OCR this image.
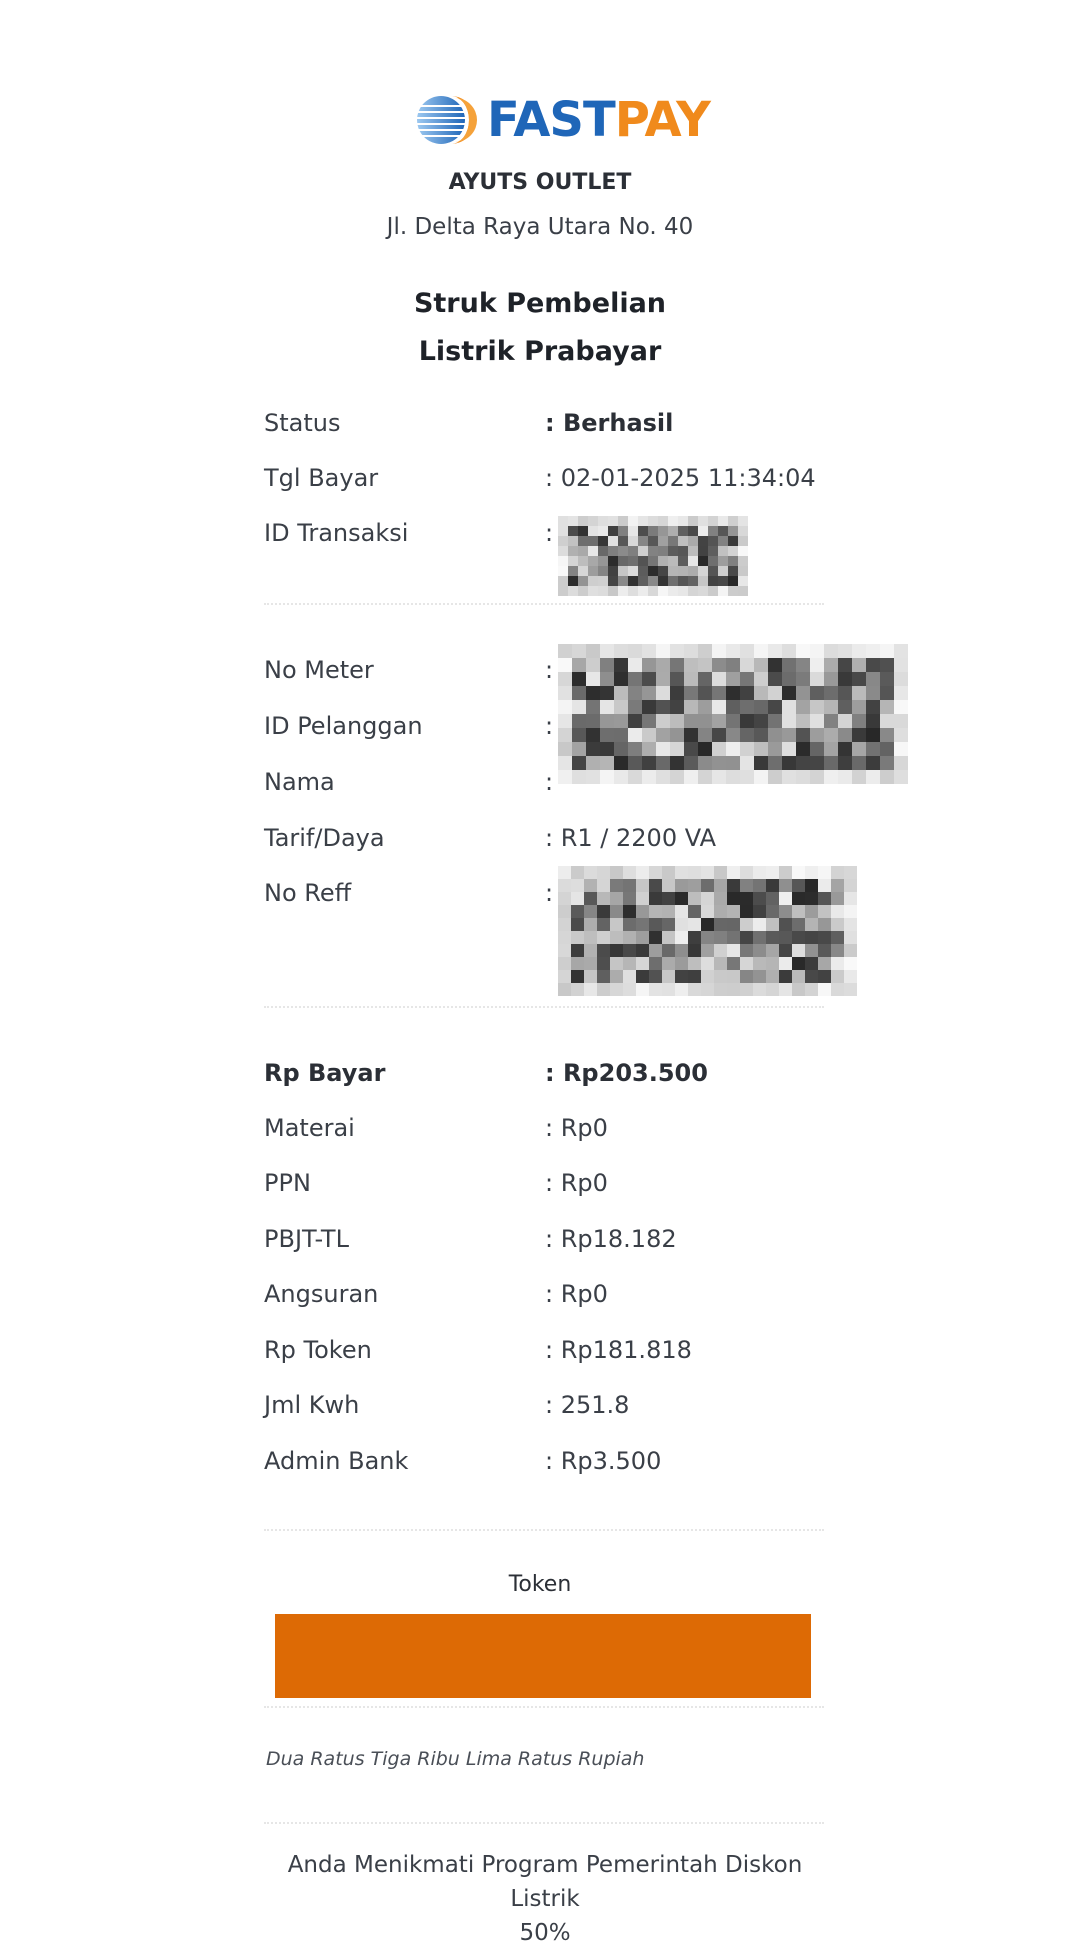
FASTPAY
AYUTS OUTLET
Jl. Delta Raya Utara No. 40
Struk Pembelian
Listrik Prabayar
Status	: Berhasil
Tgl Bayar	: 02-01-2025 11:34:04
ID Transaksi	:
No Meter	:
ID Pelanggan	:
Nama	:
Tarif/Daya	: R1 / 2200 VA
No Reff	:
Rp Bayar	: Rp203.500
Materai	: Rp0
PPN	: Rp0
PBJT-TL	: Rp18.182
Angsuran	: Rp0
Rp Token	: Rp181.818
Jml Kwh	: 251.8
Admin Bank	: Rp3.500
Token
Dua Ratus Tiga Ribu Lima Ratus Rupiah
Anda Menikmati Program Pemerintah Diskon Listrik
50%
